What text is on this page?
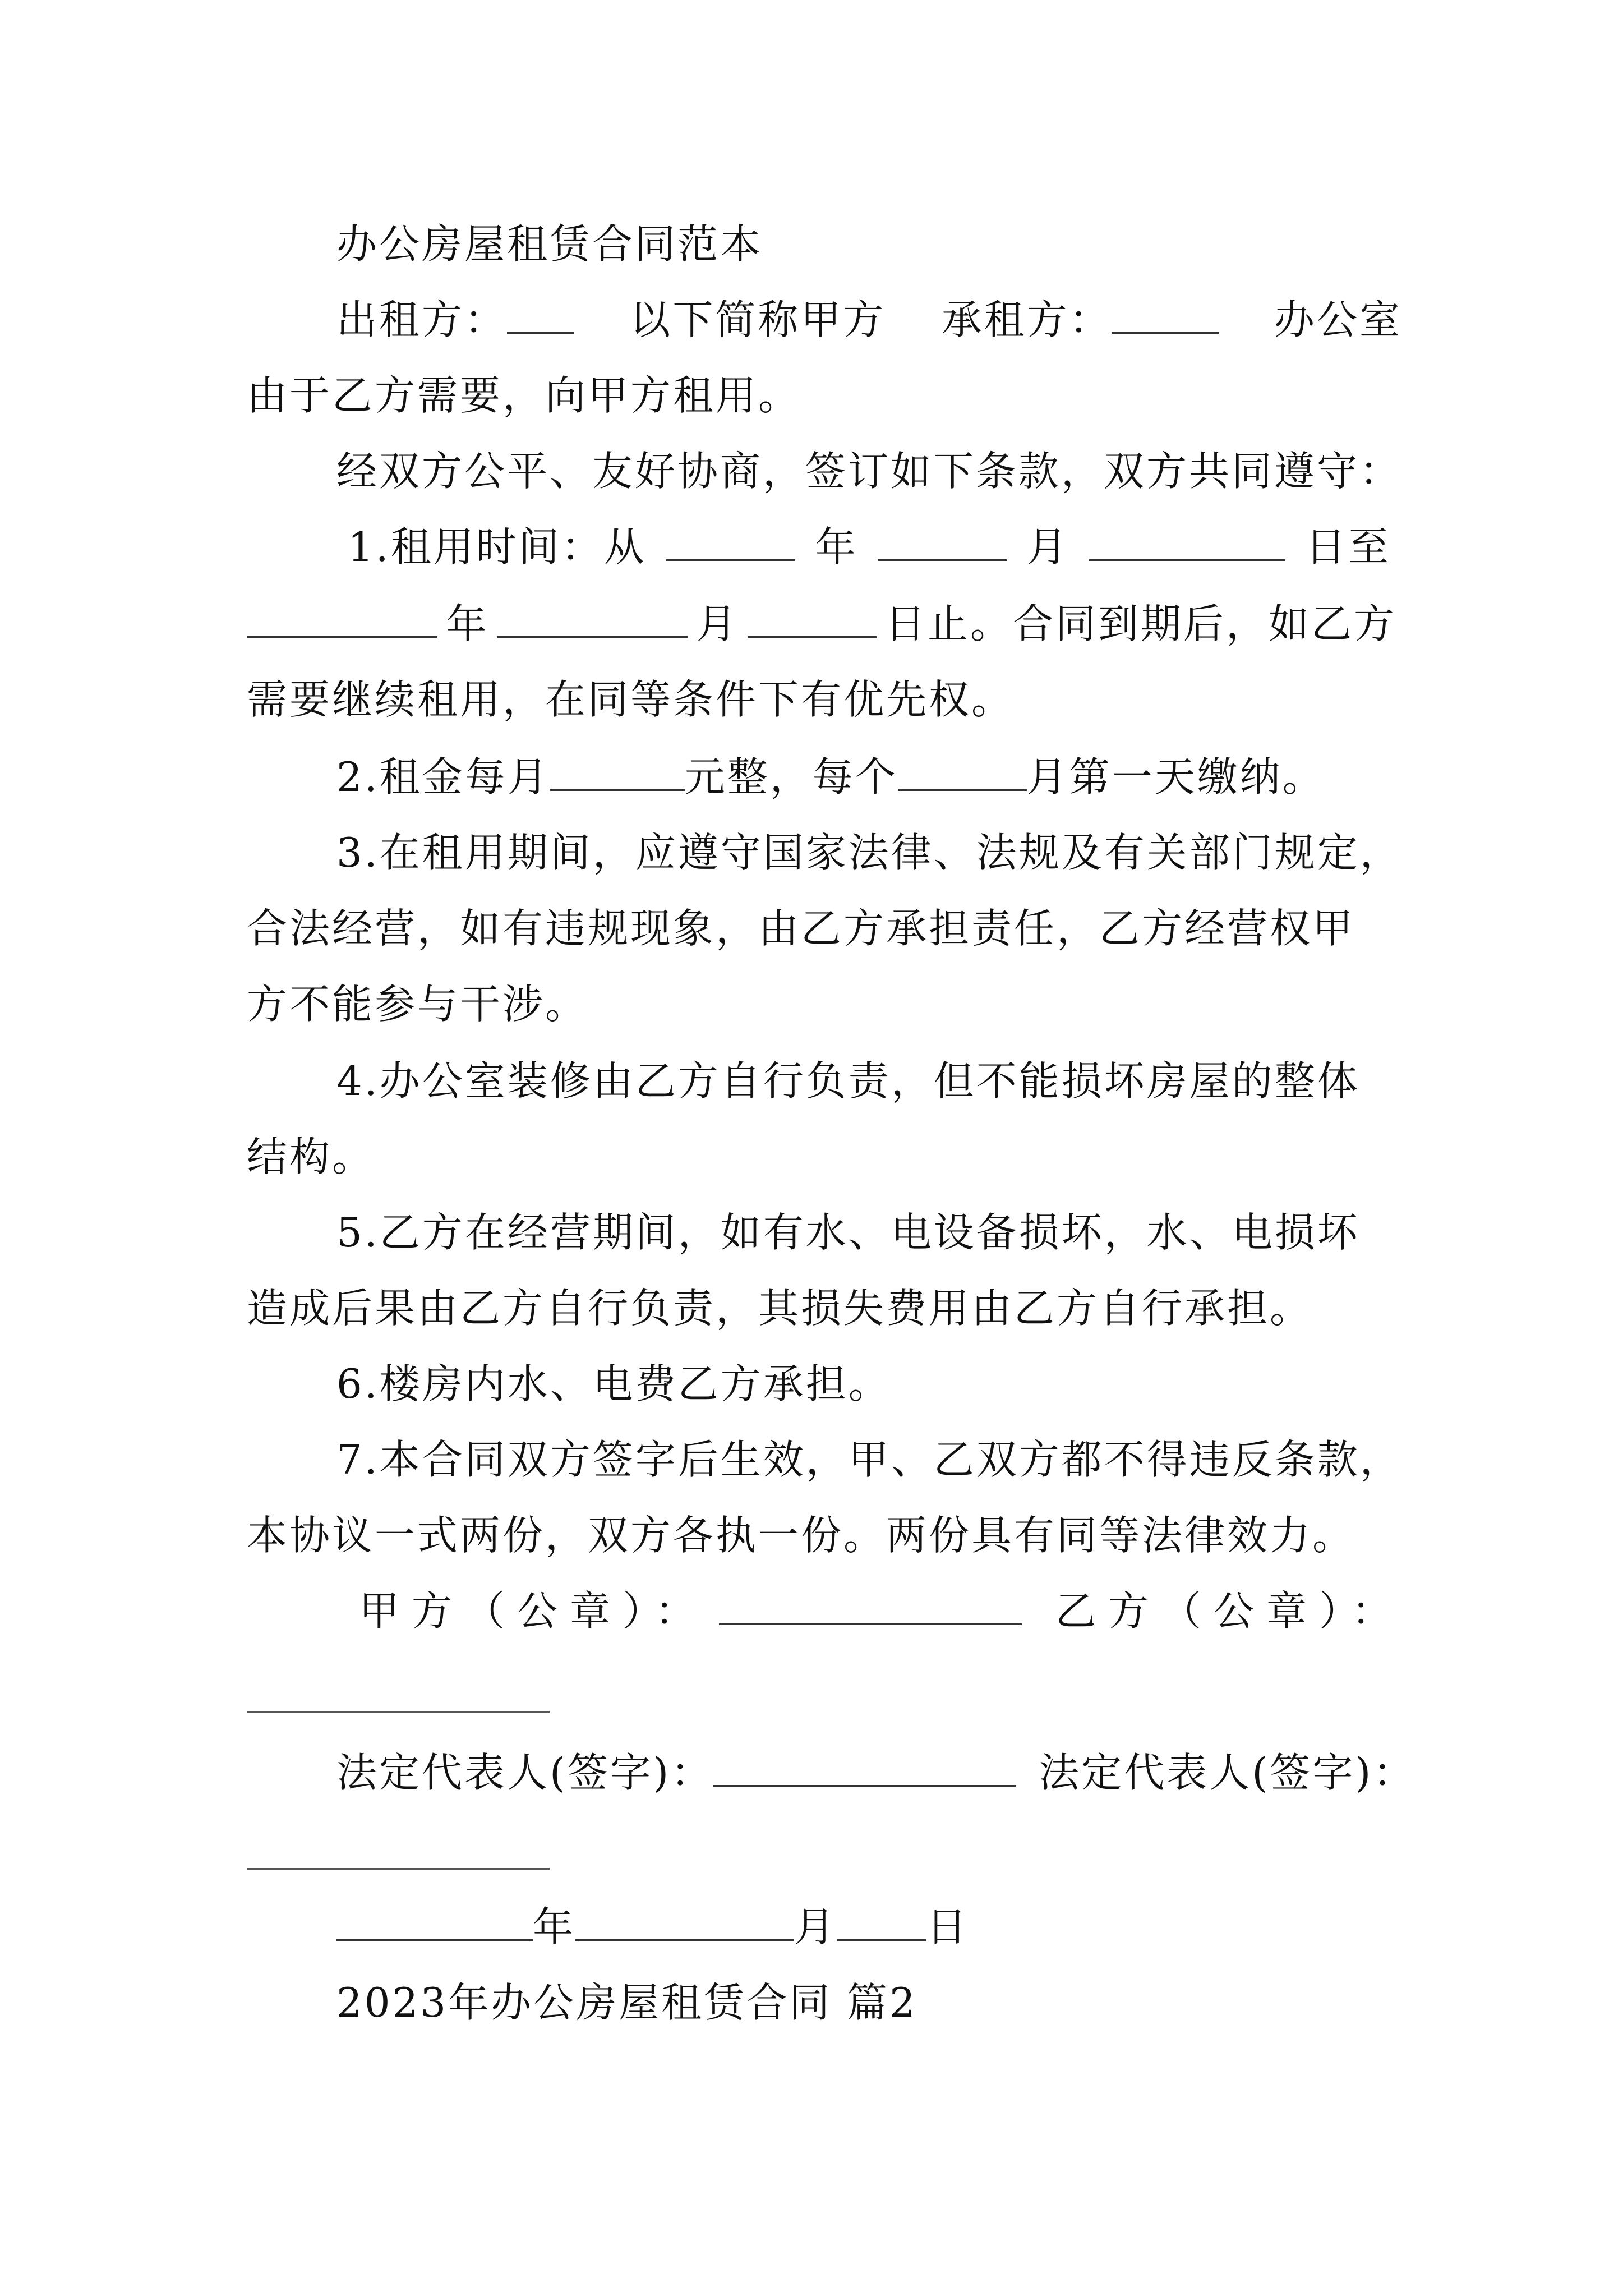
办公房屋租赁合同范本
出租方：	以下简称甲方 承租方：	办公室
由于乙方需要，向甲方租用。
经双方公平、友好协商，签订如下条款，双方共同遵守：
1.租用时间：从	年	月	日至
年	月	日止。合同到期后，如乙方
需要继续租用，在同等条件下有优先权。
2.租金每月	元整，每个	月第一天缴纳。
3.在租用期间，应遵守国家法律、法规及有关部门规定，
合法经营，如有违规现象，由乙方承担责任，乙方经营权甲
方不能参与干涉。
4.办公室装修由乙方自行负责，但不能损坏房屋的整体
结构。
5.乙方在经营期间，如有水、电设备损坏，水、电损坏
造成后果由乙方自行负责，其损失费用由乙方自行承担。
6.楼房内水、电费乙方承担。
7.本合同双方签字后生效，甲、乙双方都不得违反条款，
本协议一式两份，双方各执一份。两份具有同等法律效力。
甲方（公章）：	乙方（公章）：
法定代表人(签字)：	法定代表人(签字)：
年	月 日
2023年办公房屋租赁合同 篇2
